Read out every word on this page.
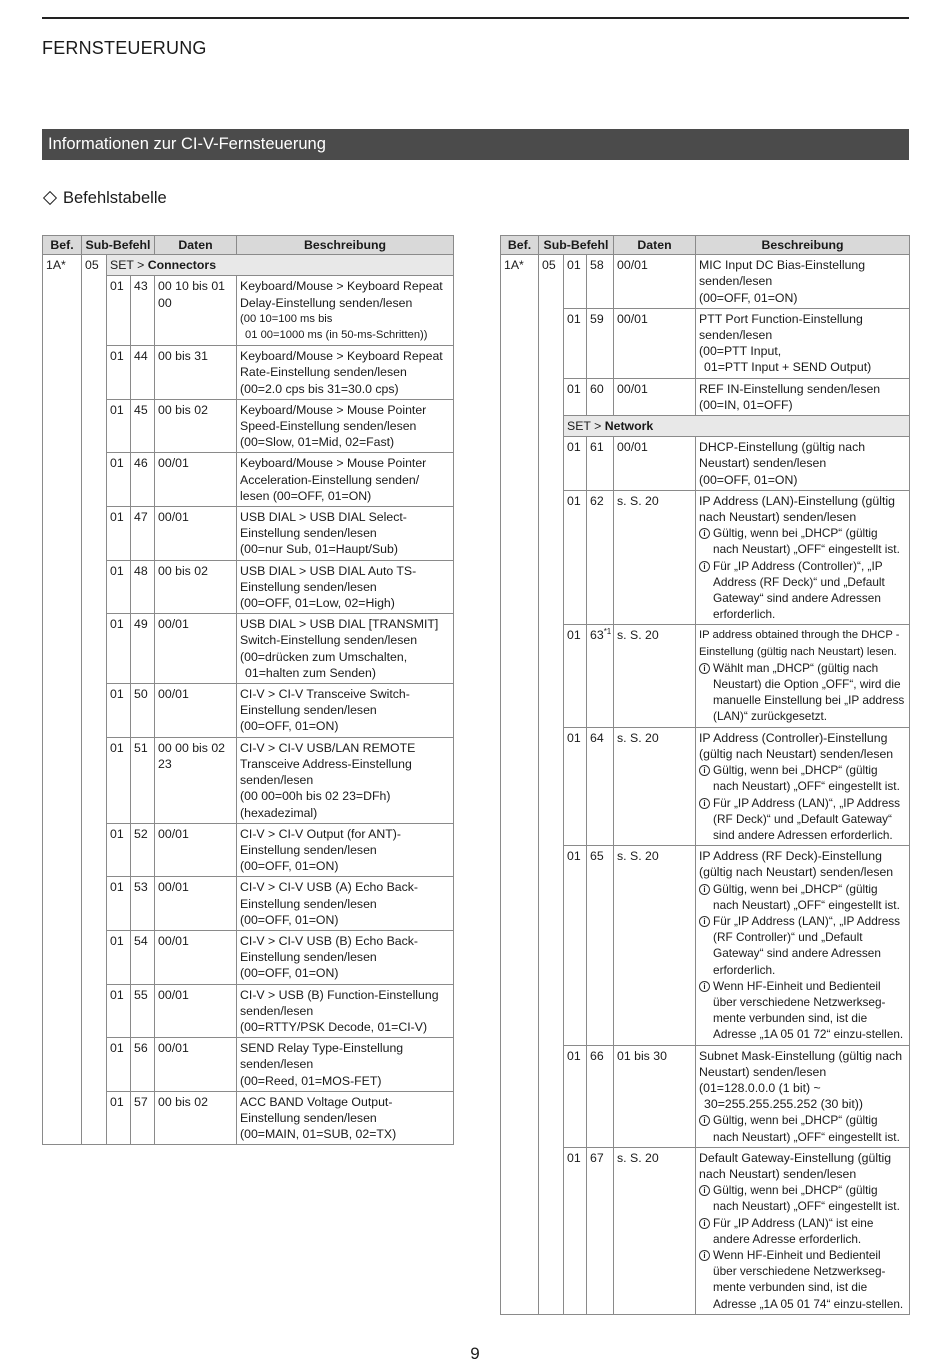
FERNSTEUERUNG
Informationen zur CI-V-Fernsteuerung
Befehlstabelle
Bef.	Sub-Befehl			Daten	Beschreibung
1A*	05	SET > Connectors			
		01	43	00 10 bis 01 00	Keyboard/Mouse > Keyboard Repeat Delay-Einstellung senden/lesen
(00 10=100 ms bis
01 00=1000 ms (in 50-ms-Schritten))

		01	44	00 bis 31	Keyboard/Mouse > Keyboard Repeat Rate-Einstellung senden/lesen
(00=2.0 cps bis 31=30.0 cps)

		01	45	00 bis 02	Keyboard/Mouse > Mouse Pointer Speed-Einstellung senden/lesen
(00=Slow, 01=Mid, 02=Fast)

		01	46	00/01	Keyboard/Mouse > Mouse Pointer Acceleration-Einstellung senden/ lesen (00=OFF, 01=ON)

		01	47	00/01	USB DIAL > USB DIAL Select-Einstellung senden/lesen
(00=nur Sub, 01=Haupt/Sub)

		01	48	00 bis 02	USB DIAL > USB DIAL Auto TS-Einstellung senden/lesen
(00=OFF, 01=Low, 02=High)

		01	49	00/01	USB DIAL > USB DIAL [TRANSMIT] Switch-Einstellung senden/lesen
(00=drücken zum Umschalten,
01=halten zum Senden)

		01	50	00/01	CI-V > CI-V Transceive Switch-Einstellung senden/lesen
(00=OFF, 01=ON)

		01	51	00 00 bis 02 23	CI-V > CI-V USB/LAN REMOTE Transceive Address-Einstellung senden/lesen
(00 00=00h bis 02 23=DFh)
(hexadezimal)

		01	52	00/01	CI-V > CI-V Output (for ANT)-Einstellung senden/lesen
(00=OFF, 01=ON)

		01	53	00/01	CI-V > CI-V USB (A) Echo Back-Einstellung senden/lesen
(00=OFF, 01=ON)

		01	54	00/01	CI-V > CI-V USB (B) Echo Back-Einstellung senden/lesen
(00=OFF, 01=ON)

		01	55	00/01	CI-V > USB (B) Function-Einstellung senden/lesen
(00=RTTY/PSK Decode, 01=CI-V)

		01	56	00/01	SEND Relay Type-Einstellung senden/lesen
(00=Reed, 01=MOS-FET)

		01	57	00 bis 02	ACC BAND Voltage Output-Einstellung senden/lesen
(00=MAIN, 01=SUB, 02=TX)
Bef.	Sub-Befehl			Daten	Beschreibung
1A*	05	01	58	00/01	MIC Input DC Bias-Einstellung senden/lesen
(00=OFF, 01=ON)

		01	59	00/01	PTT Port Function-Einstellung senden/lesen
(00=PTT Input,
01=PTT Input + SEND Output)

		01	60	00/01	REF IN-Einstellung senden/lesen
(00=IN, 01=OFF)

		SET > Network			
		01	61	00/01	DHCP-Einstellung (gültig nach Neustart) senden/lesen
(00=OFF, 01=ON)

		01	62	s. S. 20	IP Address (LAN)-Einstellung (gültig nach Neustart) senden/lesen
i Gültig, wenn bei „DHCP“ (gültig nach Neustart) „OFF“ eingestellt ist.
i Für „IP Address (Controller)“, „IP Address (RF Deck)“ und „Default Gateway“ sind andere Adressen erforderlich.

		01	63$^{*1}$	s. S. 20	IP address obtained through the DHCP -Einstellung (gültig nach Neustart) lesen.
i Wählt man „DHCP“ (gültig nach Neustart) die Option „OFF“, wird die manuelle Einstellung bei „IP address (LAN)“ zurückgesetzt.

		01	64	s. S. 20	IP Address (Controller)-Einstellung (gültig nach Neustart) senden/lesen
i Gültig, wenn bei „DHCP“ (gültig nach Neustart) „OFF“ eingestellt ist.
i Für „IP Address (LAN)“, „IP Address (RF Deck)“ und „Default Gateway“ sind andere Adressen erforderlich.

		01	65	s. S. 20	IP Address (RF Deck)-Einstellung (gültig nach Neustart) senden/lesen
i Gültig, wenn bei „DHCP“ (gültig nach Neustart) „OFF“ eingestellt ist.
i Für „IP Address (LAN)“, „IP Address (RF Controller)“ und „Default Gateway“ sind andere Adressen erforderlich.
i Wenn HF-Einheit und Bedienteil über verschiedene Netzwerkseg-mente verbunden sind, ist die Adresse „1A 05 01 72“ einzu-stellen.

		01	66	01 bis 30	Subnet Mask-Einstellung (gültig nach Neustart) senden/lesen
(01=128.0.0.0 (1 bit) ~
30=255.255.255.252 (30 bit))
i Gültig, wenn bei „DHCP“ (gültig nach Neustart) „OFF“ eingestellt ist.

		01	67	s. S. 20	Default Gateway-Einstellung (gültig nach Neustart) senden/lesen
i Gültig, wenn bei „DHCP“ (gültig nach Neustart) „OFF“ eingestellt ist.
i Für „IP Address (LAN)“ ist eine andere Adresse erforderlich.
i Wenn HF-Einheit und Bedienteil über verschiedene Netzwerkseg-mente verbunden sind, ist die Adresse „1A 05 01 74“ einzu-stellen.
9
